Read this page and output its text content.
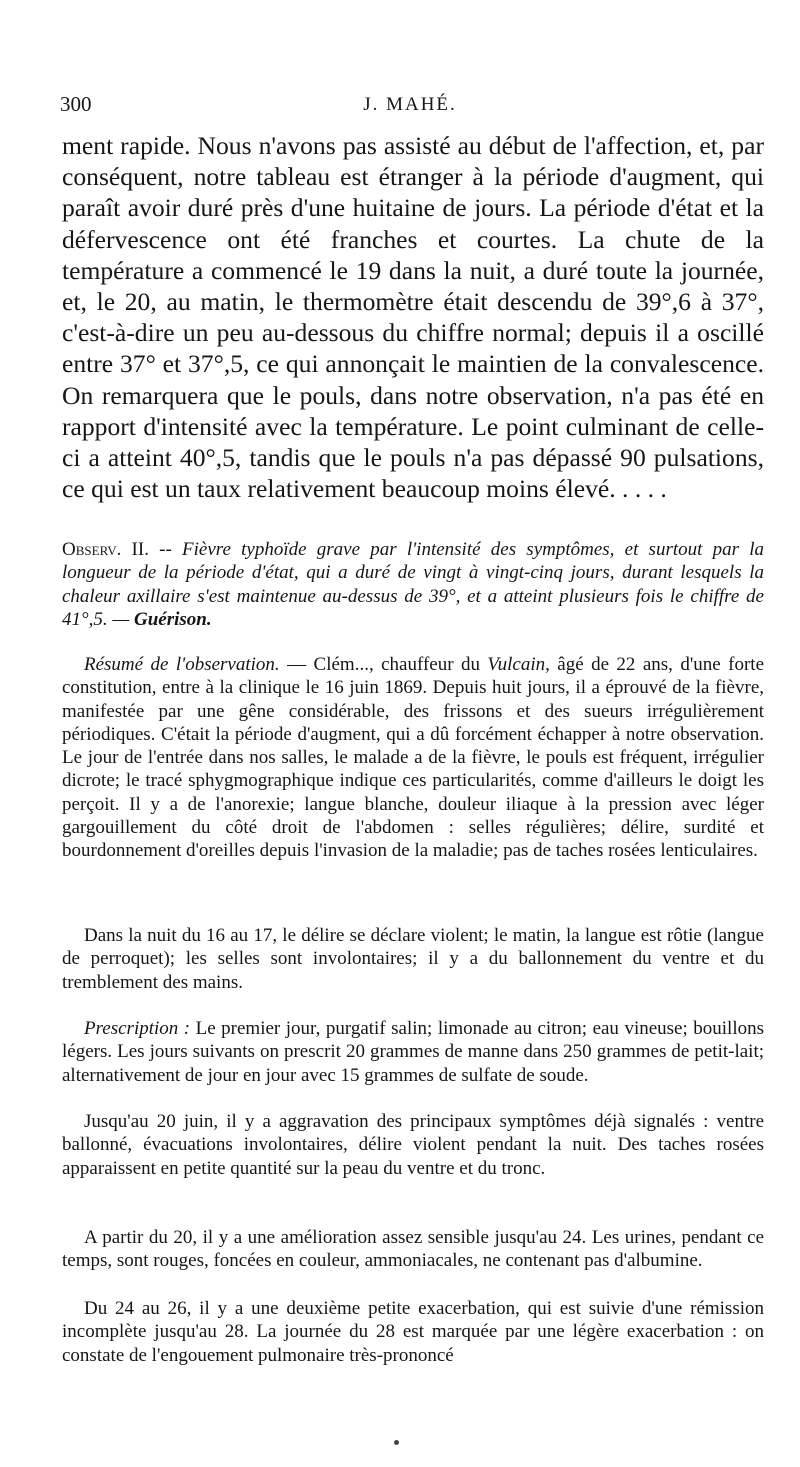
300	J. MAHÉ.

ment rapide. Nous n'avons pas assisté au début de l'affection, et, par conséquent, notre tableau est étranger à la période d'augment, qui paraît avoir duré près d'une huitaine de jours. La période d'état et la défervescence ont été franches et courtes. La chute de la température a commencé le 19 dans la nuit, a duré toute la journée, et, le 20, au matin, le thermomètre était descendu de 39°,6 à 37°, c'est-à-dire un peu au-dessous du chiffre normal; depuis il a oscillé entre 37° et 37°,5, ce qui annonçait le maintien de la convalescence. On remarquera que le pouls, dans notre observation, n'a pas été en rapport d'intensité avec la température. Le point culminant de celle-ci a atteint 40°,5, tandis que le pouls n'a pas dépassé 90 pulsations, ce qui est un taux relativement beaucoup moins élevé. . . . .

Observ. II. -- Fièvre typhoïde grave par l'intensité des symptômes, et surtout par la longueur de la période d'état, qui a duré de vingt à vingt-cinq jours, durant lesquels la chaleur axillaire s'est maintenue au-dessus de 39°, et a atteint plusieurs fois le chiffre de 41°,5. — Guérison.

Résumé de l'observation. — Clém..., chauffeur du Vulcain, âgé de 22 ans, d'une forte constitution, entre à la clinique le 16 juin 1869. Depuis huit jours, il a éprouvé de la fièvre, manifestée par une gêne considérable, des frissons et des sueurs irrégulièrement périodiques. C'était la période d'augment, qui a dû forcément échapper à notre observation. Le jour de l'entrée dans nos salles, le malade a de la fièvre, le pouls est fréquent, irrégulier dicrote; le tracé sphygmographique indique ces particularités, comme d'ailleurs le doigt les perçoit. Il y a de l'anorexie; langue blanche, douleur iliaque à la pression avec léger gargouillement du côté droit de l'abdomen : selles régulières; délire, surdité et bourdonnement d'oreilles depuis l'invasion de la maladie; pas de taches rosées lenticulaires.

Dans la nuit du 16 au 17, le délire se déclare violent; le matin, la langue est rôtie (langue de perroquet); les selles sont involontaires; il y a du ballonnement du ventre et du tremblement des mains.

Prescription : Le premier jour, purgatif salin; limonade au citron; eau vineuse; bouillons légers. Les jours suivants on prescrit 20 grammes de manne dans 250 grammes de petit-lait; alternativement de jour en jour avec 15 grammes de sulfate de soude.

Jusqu'au 20 juin, il y a aggravation des principaux symptômes déjà signalés : ventre ballonné, évacuations involontaires, délire violent pendant la nuit. Des taches rosées apparaissent en petite quantité sur la peau du ventre et du tronc.

A partir du 20, il y a une amélioration assez sensible jusqu'au 24. Les urines, pendant ce temps, sont rouges, foncées en couleur, ammoniacales, ne contenant pas d'albumine.

Du 24 au 26, il y a une deuxième petite exacerbation, qui est suivie d'une rémission incomplète jusqu'au 28. La journée du 28 est marquée par une légère exacerbation : on constate de l'engouement pulmonaire très-prononcé
